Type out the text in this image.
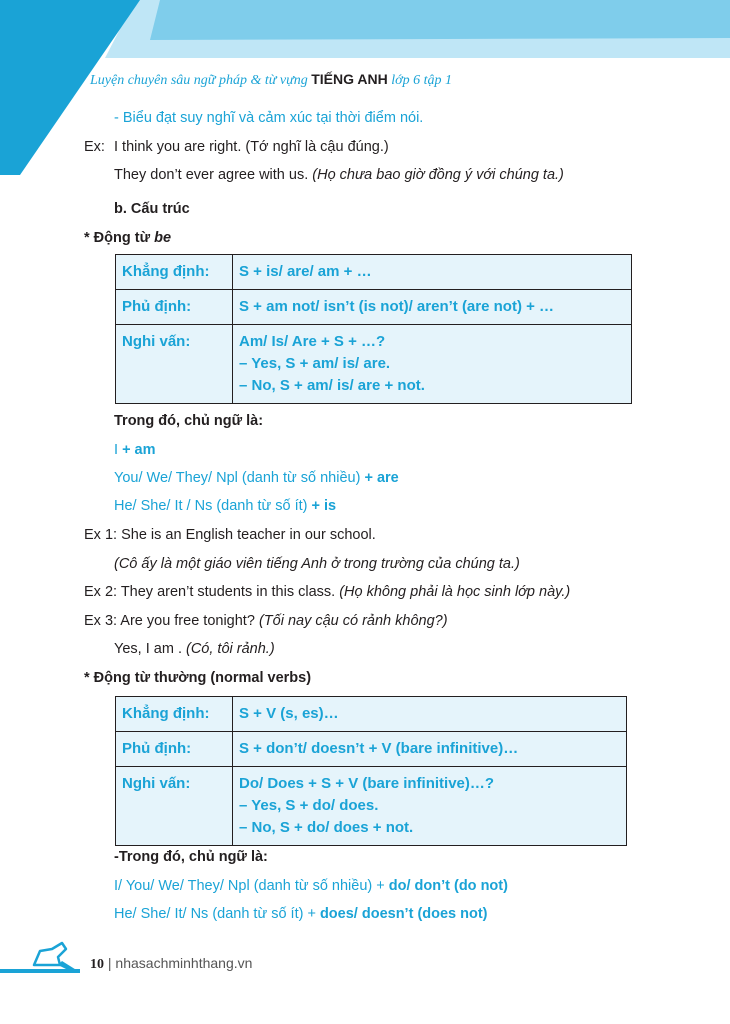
Luyện chuyên sâu ngữ pháp & từ vựng TIẾNG ANH lớp 6 tập 1
- Biểu đạt suy nghĩ và cảm xúc tại thời điểm nói.
Ex: I think you are right. (Tớ nghĩ là cậu đúng.)
They don’t ever agree with us. (Họ chưa bao giờ đồng ý với chúng ta.)
b. Cấu trúc
* Động từ be
Khẳng định:	S + is/ are/ am + …

Phủ định:	S + am not/ isn’t (is not)/ aren’t (are not) + …

Nghi vấn:	Am/ Is/ Are + S + …?
– Yes, S + am/ is/ are.
– No, S + am/ is/ are + not.
Trong đó, chủ ngữ là:
I + am
You/ We/ They/ Npl (danh từ số nhiều) + are
He/ She/ It / Ns (danh từ số ít) + is
Ex 1: She is an English teacher in our school.
(Cô ấy là một giáo viên tiếng Anh ở trong trường của chúng ta.)
Ex 2: They aren’t students in this class. (Họ không phải là học sinh lớp này.)
Ex 3: Are you free tonight? (Tối nay cậu có rảnh không?)
Yes, I am . (Có, tôi rảnh.)
* Động từ thường (normal verbs)
Khẳng định:	S + V (s, es)…

Phủ định:	S + don’t/ doesn’t + V (bare infinitive)…

Nghi vấn:	Do/ Does + S + V (bare infinitive)…?
– Yes, S + do/ does.
– No, S + do/ does + not.
-Trong đó, chủ ngữ là:
I/ You/ We/ They/ Npl (danh từ số nhiều) + do/ don’t (do not)
He/ She/ It/ Ns (danh từ số ít) + does/ doesn’t (does not)
10 | nhasachminhthang.vn
